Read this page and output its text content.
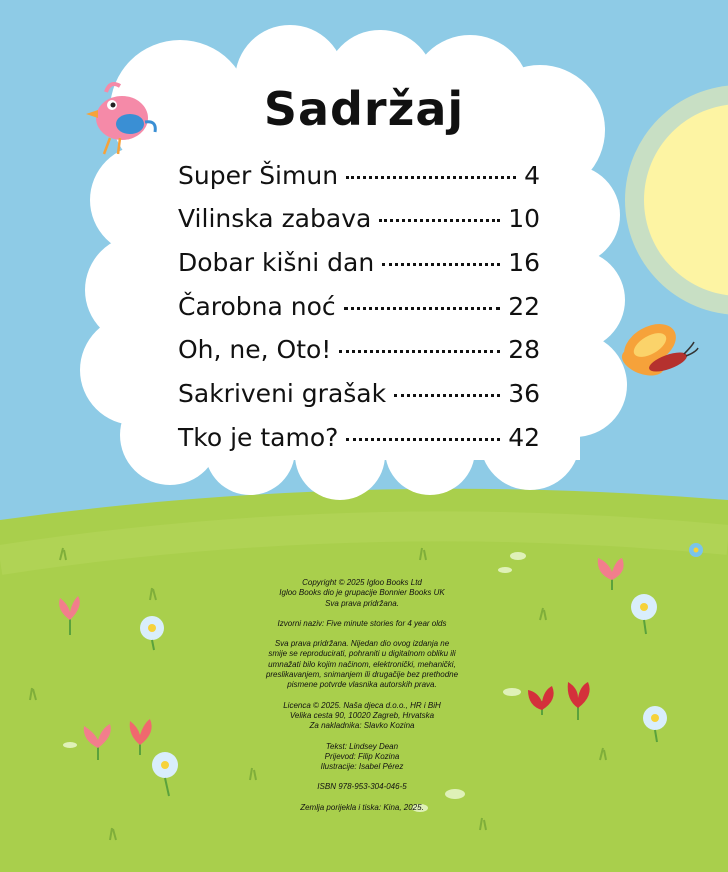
Sadržaj
Super Šimun	4
Vilinska zabava	10
Dobar kišni dan	16
Čarobna noć	22
Oh, ne, Oto!	28
Sakriveni grašak	36
Tko je tamo?	42
Copyright © 2025 Igloo Books Ltd
Igloo Books dio je grupacije Bonnier Books UK
Sva prava pridržana.
Izvorni naziv: Five minute stories for 4 year olds
Sva prava pridržana. Nijedan dio ovog izdanja ne
smije se reproducirati, pohraniti u digitalnom obliku ili
umnažati bilo kojim načinom, elektronički, mehanički,
preslikavanjem, snimanjem ili drugačije bez prethodne
pismene potvrde vlasnika autorskih prava.
Licenca © 2025. Naša djeca d.o.o., HR i BiH
Velika cesta 90, 10020 Zagreb, Hrvatska
Za nakladnika: Slavko Kozina
Tekst: Lindsey Dean
Prijevod: Filip Kozina
Ilustracije: Isabel Pérez
ISBN 978-953-304-046-5
Zemlja porijekla i tiska: Kina, 2025.
